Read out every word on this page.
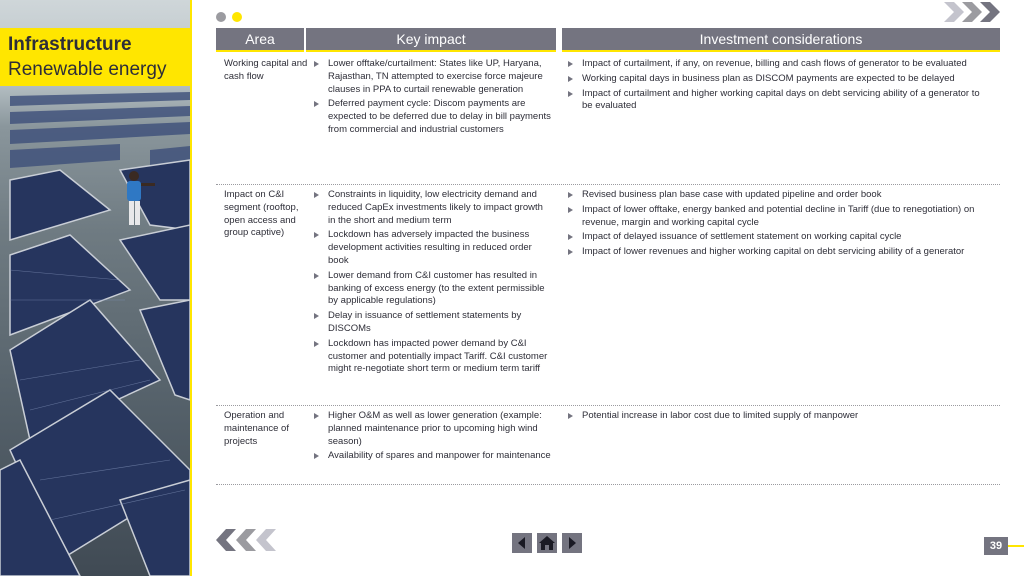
Infrastructure
Renewable energy
Area	Key impact	Investment considerations
Working capital and cash flow
Lower offtake/curtailment: States like UP, Haryana, Rajasthan, TN attempted to exercise force majeure clauses in PPA to curtail renewable generation
Deferred payment cycle: Discom payments are expected to be deferred due to delay in bill payments from commercial and industrial customers
Impact of curtailment, if any, on revenue, billing and cash flows of generator to be evaluated
Working capital days in business plan as DISCOM payments are expected to be delayed
Impact of curtailment and higher working capital days on debt servicing ability of a generator to be evaluated
Impact on C&I segment (rooftop, open access and group captive)
Constraints in liquidity, low electricity demand and reduced CapEx investments likely to impact growth in the short and medium term
Lockdown has adversely impacted the business development activities resulting in reduced order book
Lower demand from C&I customer has resulted in banking of excess energy (to the extent permissible by applicable regulations)
Delay in issuance of settlement statements by DISCOMs
Lockdown has impacted power demand by C&I customer and potentially impact Tariff. C&I customer might re-negotiate short term or medium term tariff
Revised business plan base case with updated pipeline and order book
Impact of lower offtake, energy banked and potential decline in Tariff (due to renegotiation) on revenue, margin and working capital cycle
Impact of delayed issuance of settlement statement on working capital cycle
Impact of lower revenues and higher working capital on debt servicing ability of a generator
Operation and maintenance of projects
Higher O&M as well as lower generation (example: planned maintenance prior to upcoming high wind season)
Availability of spares and manpower for maintenance
Potential increase in labor cost due to limited supply of manpower
39
